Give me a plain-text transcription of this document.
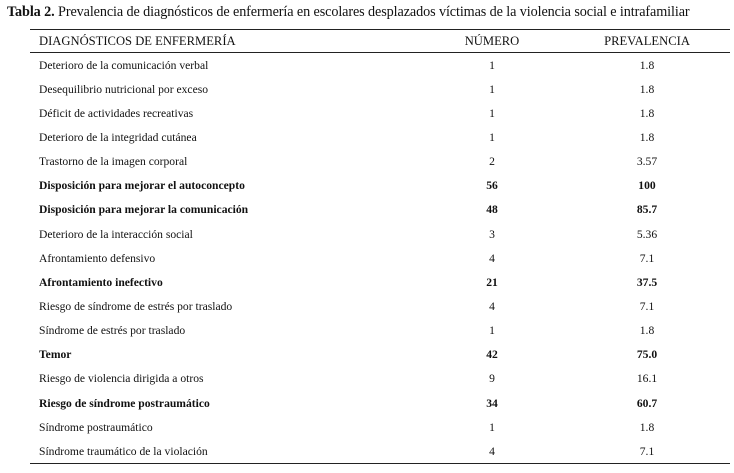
Tabla 2. Prevalencia de diagnósticos de enfermería en escolares desplazados víctimas de la violencia social e intrafamiliar
DIAGNÓSTICOS DE ENFERMERÍA	NÚMERO	PREVALENCIA
Deterioro de la comunicación verbal	1	1.8
Desequilibrio nutricional por exceso	1	1.8
Déficit de actividades recreativas	1	1.8
Deterioro de la integridad cutánea	1	1.8
Trastorno de la imagen corporal	2	3.57
Disposición para mejorar el autoconcepto	56	100
Disposición para mejorar la comunicación	48	85.7
Deterioro de la interacción social	3	5.36
Afrontamiento defensivo	4	7.1
Afrontamiento inefectivo	21	37.5
Riesgo de síndrome de estrés por traslado	4	7.1
Síndrome de estrés por traslado	1	1.8
Temor	42	75.0
Riesgo de violencia dirigida a otros	9	16.1
Riesgo de síndrome postraumático	34	60.7
Síndrome postraumático	1	1.8
Síndrome traumático de la violación	4	7.1
